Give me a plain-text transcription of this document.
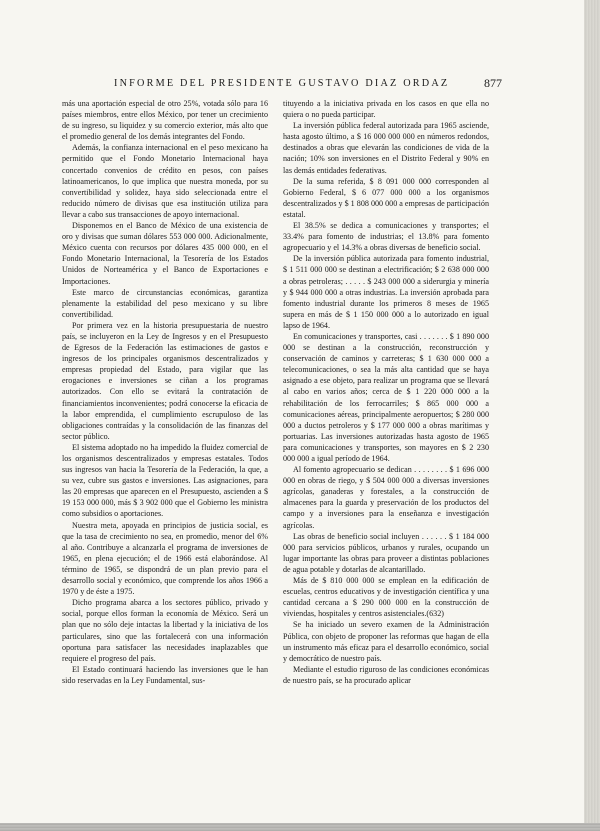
INFORME DEL PRESIDENTE GUSTAVO DIAZ ORDAZ	877

más una aportación especial de otro 25%, votada sólo para 16 países miembros, entre ellos México, por tener un crecimiento de su ingreso, su liquidez y su comercio exterior, más alto que el promedio general de los demás integrantes del Fondo.

Además, la confianza internacional en el peso mexicano ha permitido que el Fondo Monetario Internacional haya concertado convenios de crédito en pesos, con países latinoamericanos, lo que implica que nuestra moneda, por su convertibilidad y solidez, haya sido seleccionada entre el reducido número de divisas que esa institución utiliza para llevar a cabo sus transacciones de apoyo internacional.

Disponemos en el Banco de México de una existencia de oro y divisas que suman dólares 553 000 000. Adicionalmente, México cuenta con recursos por dólares 435 000 000, en el Fondo Monetario Internacional, la Tesorería de los Estados Unidos de Norteamérica y el Banco de Exportaciones e Importaciones.

Este marco de circunstancias económicas, garantiza plenamente la estabilidad del peso mexicano y su libre convertibilidad.

Por primera vez en la historia presupuestaria de nuestro país, se incluyeron en la Ley de Ingresos y en el Presupuesto de Egresos de la Federación las estimaciones de gastos e ingresos de los principales organismos descentralizados y empresas propiedad del Estado, para vigilar que las erogaciones e inversiones se ciñan a los programas autorizados. Con ello se evitará la contratación de financiamientos inconvenientes; podrá conocerse la eficacia de la labor emprendida, el cumplimiento escrupuloso de las obligaciones contraídas y la consolidación de las finanzas del sector público.

El sistema adoptado no ha impedido la fluidez comercial de los organismos descentralizados y empresas estatales. Todos sus ingresos van hacia la Tesorería de la Federación, la que, a su vez, cubre sus gastos e inversiones. Las asignaciones, para las 20 empresas que aparecen en el Presupuesto, ascienden a $ 19 153 000 000, más $ 3 902 000 que el Gobierno les ministra como subsidios o aportaciones.

Nuestra meta, apoyada en principios de justicia social, es que la tasa de crecimiento no sea, en promedio, menor del 6% al año. Contribuye a alcanzarla el programa de inversiones de 1965, en plena ejecución; el de 1966 está elaborándose. Al término de 1965, se dispondrá de un plan previo para el desarrollo social y económico, que comprende los años 1966 a 1970 y de éste a 1975.

Dicho programa abarca a los sectores público, privado y social, porque ellos forman la economía de México. Será un plan que no sólo deje intactas la libertad y la iniciativa de los particulares, sino que las fortalecerá con una información oportuna para satisfacer las necesidades inaplazables que requiere el progreso del país.

El Estado continuará haciendo las inversiones que le han sido reservadas en la Ley Fundamental, sus-

tituyendo a la iniciativa privada en los casos en que ella no quiera o no pueda participar.

La inversión pública federal autorizada para 1965 asciende, hasta agosto último, a $ 16 000 000 000 en números redondos, destinados a obras que elevarán las condiciones de vida de la nación; 10% son inversiones en el Distrito Federal y 90% en las demás entidades federativas.

De la suma referida, $ 8 091 000 000 corresponden al Gobierno Federal, $ 6 077 000 000 a los organismos descentralizados y $ 1 808 000 000 a empresas de participación estatal.

El 38.5% se dedica a comunicaciones y transportes; el 33.4% para fomento de industrias; el 13.8% para fomento agropecuario y el 14.3% a obras diversas de beneficio social.

De la inversión pública autorizada para fomento industrial, $ 1 511 000 000 se destinan a electrificación; $ 2 638 000 000 a obras petroleras; . . . . . $ 243 000 000 a siderurgia y minería y $ 944 000 000 a otras industrias. La inversión aprobada para fomento industrial durante los primeros 8 meses de 1965 supera en más de $ 1 150 000 000 a lo autorizado en igual lapso de 1964.

En comunicaciones y transportes, casi . . . . . . . $ 1 890 000 000 se destinan a la construcción, reconstrucción y conservación de caminos y carreteras; $ 1 630 000 000 a telecomunicaciones, o sea la más alta cantidad que se haya asignado a ese objeto, para realizar un programa que se llevará al cabo en varios años; cerca de $ 1 220 000 000 a la rehabilitación de los ferrocarriles; $ 865 000 000 a comunicaciones aéreas, principalmente aeropuertos; $ 280 000 000 a ductos petroleros y $ 177 000 000 a obras marítimas y portuarias. Las inversiones autorizadas hasta agosto de 1965 para comunicaciones y transportes, son mayores en $ 2 230 000 000 a igual período de 1964.

Al fomento agropecuario se dedican . . . . . . . . $ 1 696 000 000 en obras de riego, y $ 504 000 000 a diversas inversiones agrícolas, ganaderas y forestales, a la construcción de almacenes para la guarda y preservación de los productos del campo y a inversiones para la enseñanza e investigación agrícolas.

Las obras de beneficio social incluyen . . . . . . $ 1 184 000 000 para servicios públicos, urbanos y rurales, ocupando un lugar importante las obras para proveer a distintas poblaciones de agua potable y dotarlas de alcantarillado.

Más de $ 810 000 000 se emplean en la edificación de escuelas, centros educativos y de investigación científica y una cantidad cercana a $ 290 000 000 en la construcción de viviendas, hospitales y centros asistenciales.(632)

Se ha iniciado un severo examen de la Administración Pública, con objeto de proponer las reformas que hagan de ella un instrumento más eficaz para el desarrollo económico, social y democrático de nuestro país.

Mediante el estudio riguroso de las condiciones económicas de nuestro país, se ha procurado aplicar
